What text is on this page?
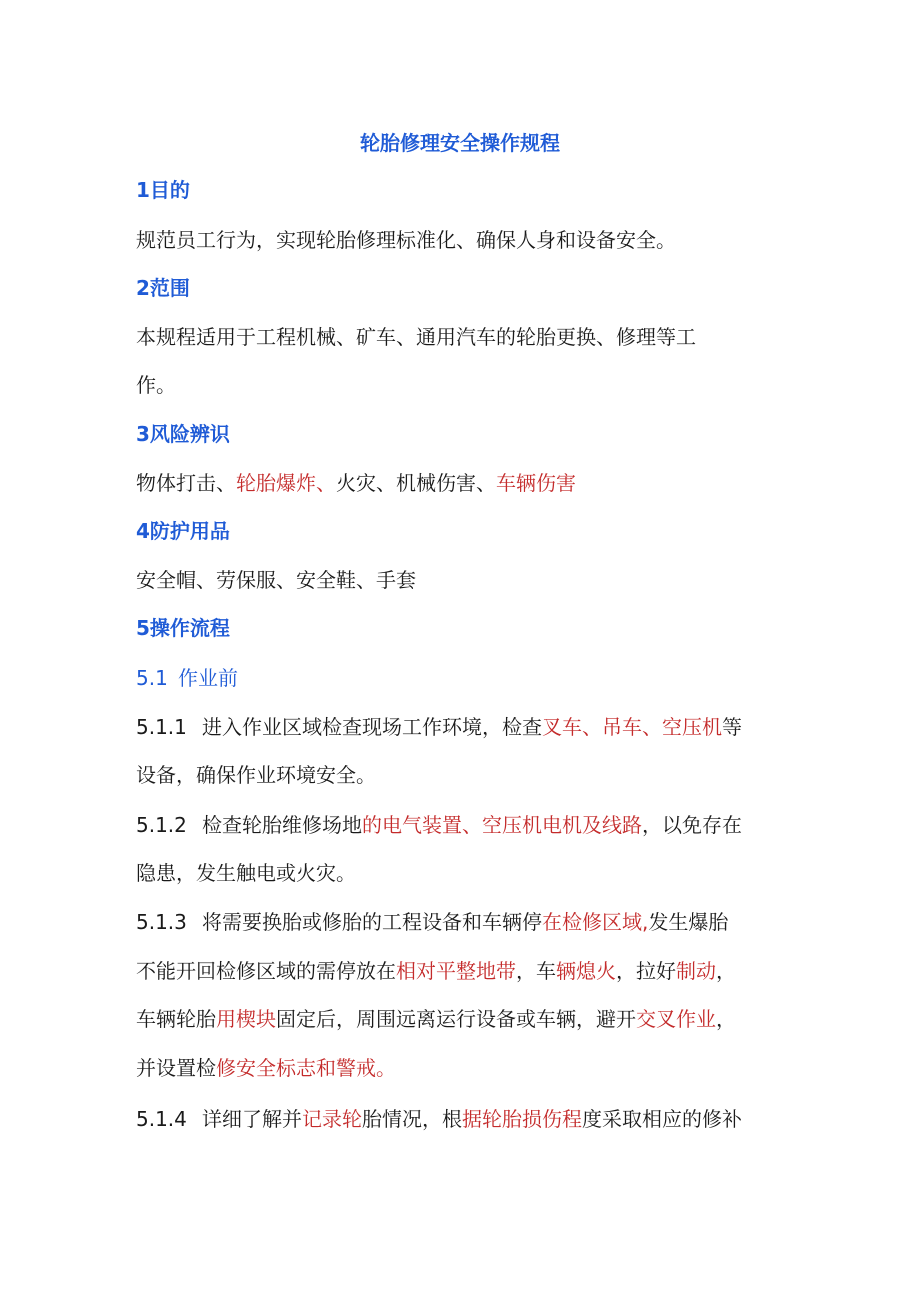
轮胎修理安全操作规程
1目的
规范员工行为，实现轮胎修理标准化、确保人身和设备安全。
2范围
本规程适用于工程机械、矿车、通用汽车的轮胎更换、修理等工
作。
3风险辨识
物体打击、轮胎爆炸、火灾、机械伤害、车辆伤害
4防护用品
安全帽、劳保服、安全鞋、手套
5操作流程
5.1 作业前
5.1.1 进入作业区域检查现场工作环境，检查叉车、吊车、空压机等
设备，确保作业环境安全。
5.1.2 检查轮胎维修场地的电气装置、空压机电机及线路，以免存在
隐患，发生触电或火灾。
5.1.3 将需要换胎或修胎的工程设备和车辆停在检修区域,发生爆胎
不能开回检修区域的需停放在相对平整地带，车辆熄火，拉好制动，
车辆轮胎用楔块固定后，周围远离运行设备或车辆，避开交叉作业，
并设置检修安全标志和警戒。
5.1.4 详细了解并记录轮胎情况，根据轮胎损伤程度采取相应的修补
